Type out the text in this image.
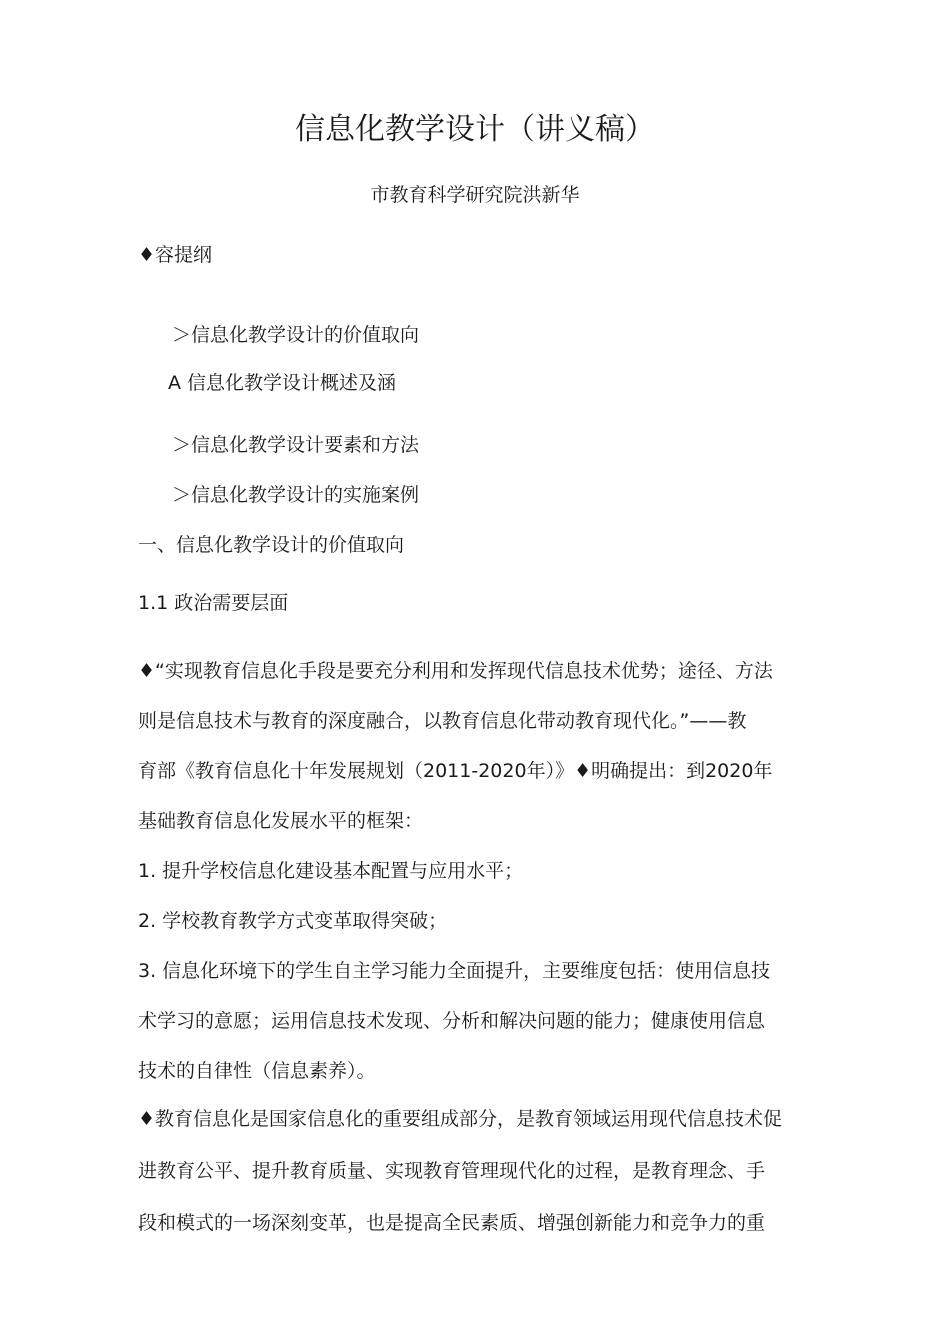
信息化教学设计（讲义稿）
市教育科学研究院洪新华
♦容提纲
＞信息化教学设计的价值取向
A 信息化教学设计概述及涵
＞信息化教学设计要素和方法
＞信息化教学设计的实施案例
一、信息化教学设计的价值取向
1.1 政治需要层面
♦“实现教育信息化手段是要充分利用和发挥现代信息技术优势；途径、方法
则是信息技术与教育的深度融合，以教育信息化带动教育现代化。”——教
育部《教育信息化十年发展规划（2011-2020年）》♦明确提出：到2020年
基础教育信息化发展水平的框架：
1. 提升学校信息化建设基本配置与应用水平；
2. 学校教育教学方式变革取得突破；
3. 信息化环境下的学生自主学习能力全面提升，主要维度包括：使用信息技
术学习的意愿；运用信息技术发现、分析和解决问题的能力；健康使用信息
技术的自律性（信息素养）。
♦教育信息化是国家信息化的重要组成部分，是教育领域运用现代信息技术促
进教育公平、提升教育质量、实现教育管理现代化的过程，是教育理念、手
段和模式的一场深刻变革，也是提高全民素质、增强创新能力和竞争力的重
